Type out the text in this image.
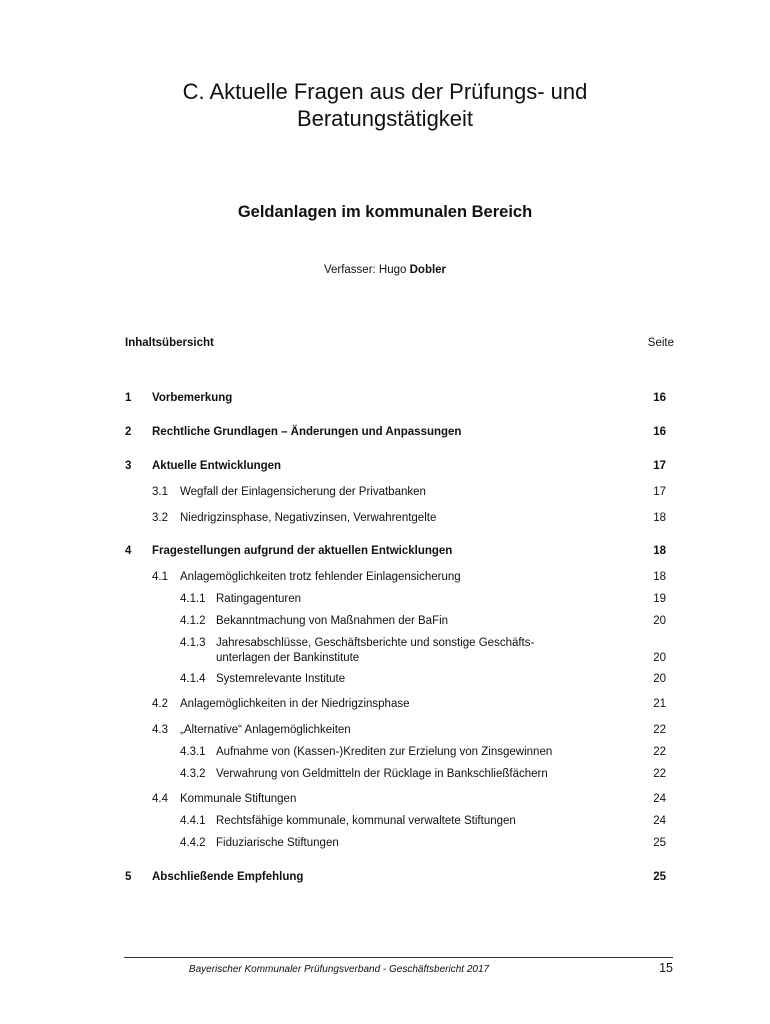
C. Aktuelle Fragen aus der Prüfungs- und
Beratungstätigkeit
Geldanlagen im kommunalen Bereich
Verfasser: Hugo Dobler
Inhaltsübersicht	Seite
1 Vorbemerkung	16
2 Rechtliche Grundlagen – Änderungen und Anpassungen	16
3 Aktuelle Entwicklungen	17
3.1 Wegfall der Einlagensicherung der Privatbanken	17
3.2 Niedrigzinsphase, Negativzinsen, Verwahrentgelte	18
4 Fragestellungen aufgrund der aktuellen Entwicklungen	18
4.1 Anlagemöglichkeiten trotz fehlender Einlagensicherung	18
4.1.1 Ratingagenturen	19
4.1.2 Bekanntmachung von Maßnahmen der BaFin	20
4.1.3 Jahresabschlüsse, Geschäftsberichte und sonstige Geschäfts-
unterlagen der Bankinstitute	20
4.1.4 Systemrelevante Institute	20
4.2 Anlagemöglichkeiten in der Niedrigzinsphase	21
4.3 „Alternative“ Anlagemöglichkeiten	22
4.3.1 Aufnahme von (Kassen-)Krediten zur Erzielung von Zinsgewinnen	22
4.3.2 Verwahrung von Geldmitteln der Rücklage in Bankschließfächern	22
4.4 Kommunale Stiftungen	24
4.4.1 Rechtsfähige kommunale, kommunal verwaltete Stiftungen	24
4.4.2 Fiduziarische Stiftungen	25
5 Abschließende Empfehlung	25
Bayerischer Kommunaler Prüfungsverband - Geschäftsbericht 2017	15
